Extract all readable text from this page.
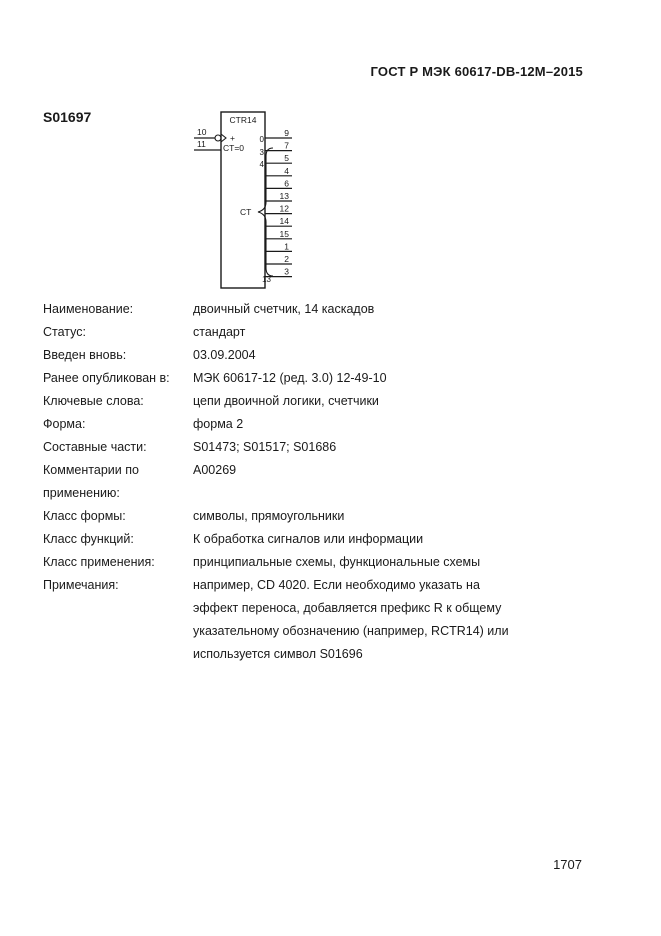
ГОСТ Р МЭК 60617-DB-12M–2015
S01697	CTR14
10
+
11 CT=0
0
3
4
13
CT
9
7
5
4
6
13
12
14
15
1
2
3
Наименование:	двоичный счетчик, 14 каскадов
Статус:	стандарт
Введен вновь:	03.09.2004
Ранее опубликован в:	МЭК 60617-12 (ред. 3.0) 12-49-10
Ключевые слова:	цепи двоичной логики, счетчики
Форма:	форма 2
Составные части:	S01473; S01517; S01686
Комментарии по	A00269
применению:
Класс формы:	символы, прямоугольники
Класс функций:	К обработка сигналов или информации
Класс применения:	принципиальные схемы, функциональные схемы
Примечания:	например, CD 4020. Если необходимо указать на
эффект переноса, добавляется префикс R к общему
указательному обозначению (например, RCTR14) или
используется символ S01696
1707
